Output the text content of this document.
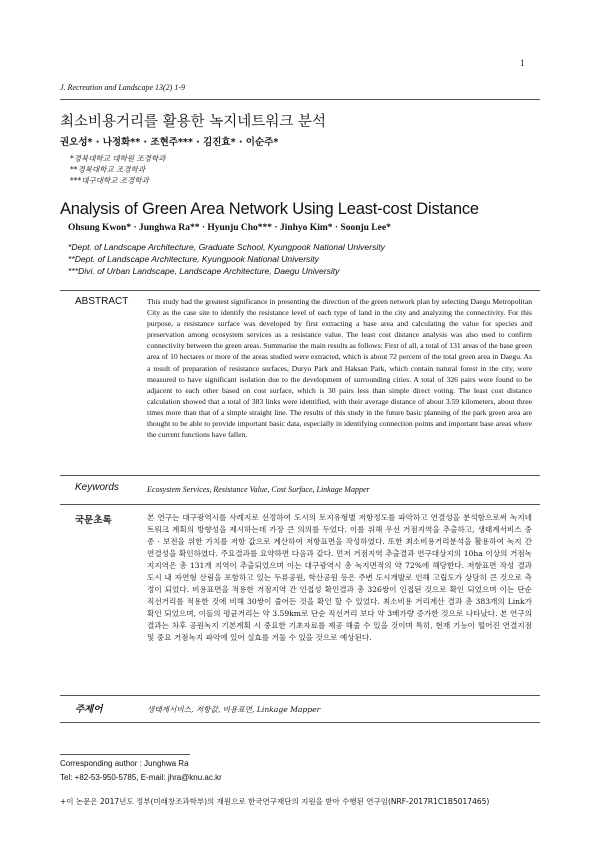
1
J. Recreation and Landscape 13(2) 1-9
최소비용거리를 활용한 녹지네트워크 분석
권오성* · 나정화** · 조현주*** · 김진효* · 이순주*
*경북대학교 대학원 조경학과
**경북대학교 조경학과
***대구대학교 조경학과
Analysis of Green Area Network Using Least-cost Distance
Ohsung Kwon* · Junghwa Ra** · Hyunju Cho*** · Jinhyo Kim* · Soonju Lee*
*Dept. of Landscape Architecture, Graduate School, Kyungpook National University
**Dept. of Landscape Architecture, Kyungpook National University
***Divi. of Urban Landscape, Landscape Architecture, Daegu University
ABSTRACT This study had the greatest significance in presenting the direction of the green network plan by selecting Daegu Metropolitan City as the case site to identify the resistance level of each type of land in the city and analyzing the connectivity. For this purpose, a resistance surface was developed by first extracting a base area and calculating the value for species and preservation among ecosystem services as a resistance value. The least cost distance analysis was also used to confirm connectivity between the green areas. Summarise the main results as follows: First of all, a total of 131 areas of the base green area of 10 hectares or more of the areas studied were extracted, which is about 72 percent of the total green area in Daegu. As a result of preparation of resistance surfaces, Duryu Park and Haksan Park, which contain natural forest in the city, were measured to have significant isolation due to the development of surrounding cities. A total of 326 pairs were found to be adjacent to each other based on cost surface, which is 30 pairs less than simple direct voting. The least cost distance calculation showed that a total of 383 links were identified, with their average distance of about 3.59 kilometers, about three times more than that of a simple straight line. The results of this study in the future basic planning of the park green area are thought to be able to provide important basic data, especially in identifying connection points and important base areas where the current functions have fallen.

Keywords	Ecosystem Services, Resistance Value, Cost Surface, Linkage Mapper
국문초록	본 연구는 대구광역시를 사례지로 선정하여 도시의 토지유형별 저항정도를 파악하고 연결성을 분석함으로써 녹지네트워크 계획의 방향성을 제시하는데 가장 큰 의의를 두었다. 이를 위해 우선 거점지역을 추출하고, 생태계서비스 중 종 · 보전을 위한 가치를 저항 값으로 계산하여 저항표면을 작성하였다. 또한 최소비용거리분석을 활용하여 녹지 간 연결성을 확인하였다. 주요결과를 요약하면 다음과 같다. 먼저 거점지역 추출결과 연구대상지의 10ha 이상의 거점녹지지역은 총 131개 지역이 추출되었으며 이는 대구광역시 총 녹지면적의 약 72%에 해당한다. 저항표면 작성 결과 도시 내 자연형 산림을 포함하고 있는 두류공원, 학산공원 등은 주변 도시개발로 인해 고립도가 상당히 큰 것으로 측정이 되었다. 비용표면을 적용한 거점지역 간 인접성 확인결과 총 326쌍이 인접된 것으로 확인 되었으며 이는 단순 직선거리를 적용한 것에 비해 30쌍이 줄어든 것을 확인 할 수 있었다. 최소비용 거리계산 결과 총 383개의 Link가 확인 되었으며, 이들의 평균거리는 약 3.59km로 단순 직선거리 보다 약 3배가량 증가한 것으로 나타났다. 본 연구의 결과는 차후 공원녹지 기본계획 시 중요한 기초자료를 제공 해줄 수 있을 것이며 특히, 현재 기능이 떨어진 연결지점 및 중요 거점녹지 파악에 있어 실효를 거둘 수 있을 것으로 예상된다.

주제어	생태계서비스, 저항값, 비용표면, Linkage Mapper
Corresponding author : Junghwa Ra
Tel: +82-53-950-5785, E-mail: jhra@knu.ac.kr
+이 논문은 2017년도 정부(미래창조과학부)의 재원으로 한국연구재단의 지원을 받아 수행된 연구임(NRF-2017R1C1B5017465)
